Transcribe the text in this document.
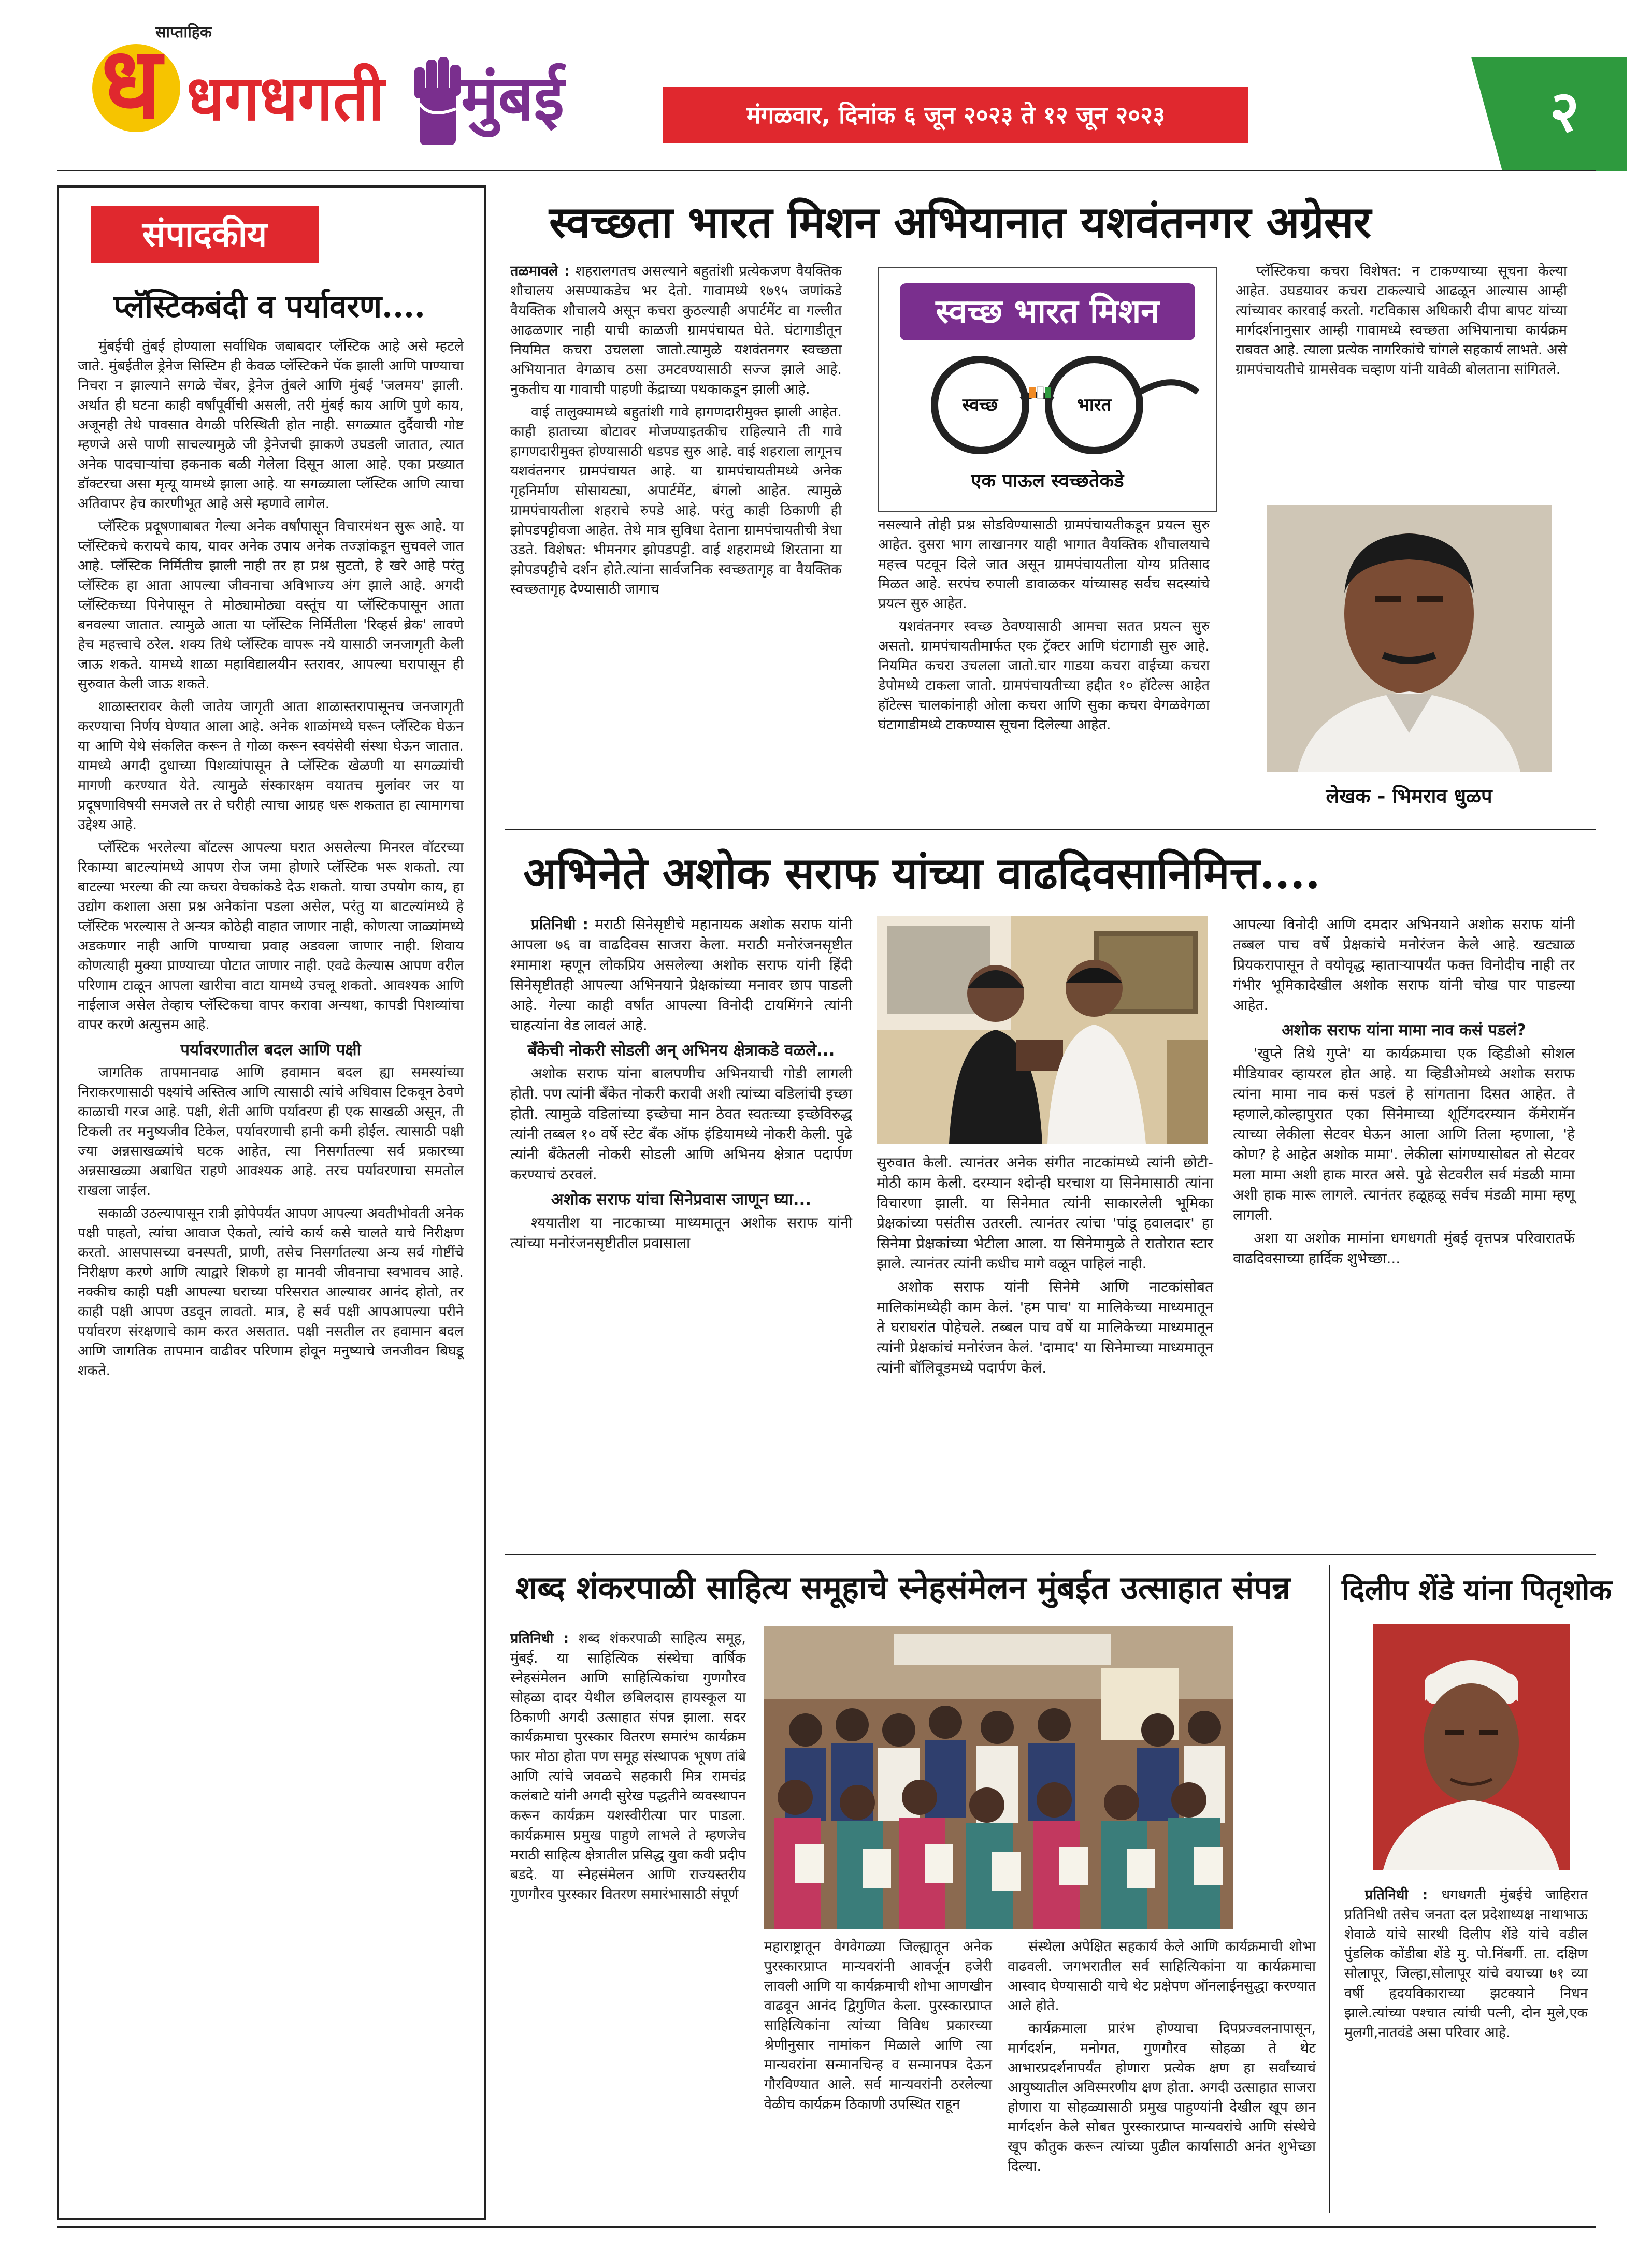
साप्ताहिक
ध धगधगती मुंबई	मंगळवार, दिनांक ६ जून २०२३ ते १२ जून २०२३	२
संपादकीय
प्लॅस्टिकबंदी व पर्यावरण....

मुंबईची तुंबई होण्याला सर्वाधिक जबाबदार प्लॅस्टिक आहे असे म्हटले जाते. मुंबईतील ड्रेनेज सिस्टिम ही केवळ प्लॅस्टिकने पॅक झाली आणि पाण्याचा निचरा न झाल्याने सगळे चेंबर, ड्रेनेज तुंबले आणि मुंबई 'जलमय' झाली. अर्थात ही घटना काही वर्षांपूर्वीची असली, तरी मुंबई काय आणि पुणे काय, अजूनही तेथे पावसात वेगळी परिस्थिती होत नाही. सगळ्यात दुर्दैवाची गोष्ट म्हणजे असे पाणी साचल्यामुळे जी ड्रेनेजची झाकणे उघडली जातात, त्यात अनेक पादचाऱ्यांचा हकनाक बळी गेलेला दिसून आला आहे. एका प्रख्यात डॉक्टरचा असा मृत्यू यामध्ये झाला आहे. या सगळ्याला प्लॅस्टिक आणि त्याचा अतिवापर हेच कारणीभूत आहे असे म्हणावे लागेल.

प्लॅस्टिक प्रदूषणाबाबत गेल्या अनेक वर्षांपासून विचारमंथन सुरू आहे. या प्लॅस्टिकचे करायचे काय, यावर अनेक उपाय अनेक तज्ज्ञांकडून सुचवले जात आहे. प्लॅस्टिक निर्मितीच झाली नाही तर हा प्रश्न सुटतो, हे खरे आहे परंतु प्लॅस्टिक हा आता आपल्या जीवनाचा अविभाज्य अंग झाले आहे. अगदी प्लॅस्टिकच्या पिनेपासून ते मोठ्यामोठ्या वस्तूंच या प्लॅस्टिकपासून आता बनवल्या जातात. त्यामुळे आता या प्लॅस्टिक निर्मितीला 'रिव्हर्स ब्रेक' लावणे हेच महत्त्वाचे ठरेल. शक्य तिथे प्लॅस्टिक वापरू नये यासाठी जनजागृती केली जाऊ शकते. यामध्ये शाळा महाविद्यालयीन स्तरावर, आपल्या घरापासून ही सुरुवात केली जाऊ शकते.

शाळास्तरावर केली जातेय जागृती आता शाळास्तरापासूनच जनजागृती करण्याचा निर्णय घेण्यात आला आहे. अनेक शाळांमध्ये घरून प्लॅस्टिक घेऊन या आणि येथे संकलित करून ते गोळा करून स्वयंसेवी संस्था घेऊन जातात. यामध्ये अगदी दुधाच्या पिशव्यांपासून ते प्लॅस्टिक खेळणी या सगळ्यांची मागणी करण्यात येते. त्यामुळे संस्कारक्षम वयातच मुलांवर जर या प्रदूषणाविषयी समजले तर ते घरीही त्याचा आग्रह धरू शकतात हा त्यामागचा उद्देश्य आहे.

प्लॅस्टिक भरलेल्या बॉटल्स आपल्या घरात असलेल्या मिनरल वॉटरच्या रिकाम्या बाटल्यांमध्ये आपण रोज जमा होणारे प्लॅस्टिक भरू शकतो. त्या बाटल्या भरल्या की त्या कचरा वेचकांकडे देऊ शकतो. याचा उपयोग काय, हा उद्योग कशाला असा प्रश्न अनेकांना पडला असेल, परंतु या बाटल्यांमध्ये हे प्लॅस्टिक भरल्यास ते अन्यत्र कोठेही वाहात जाणार नाही, कोणत्या जाळ्यांमध्ये अडकणार नाही आणि पाण्याचा प्रवाह अडवला जाणार नाही. शिवाय कोणत्याही मुक्या प्राण्याच्या पोटात जाणार नाही. एवढे केल्यास आपण वरील परिणाम टाळून आपला खारीचा वाटा यामध्ये उचलू शकतो. आवश्यक आणि नाईलाज असेल तेव्हाच प्लॅस्टिकचा वापर करावा अन्यथा, कापडी पिशव्यांचा वापर करणे अत्युत्तम आहे.

पर्यावरणातील बदल आणि पक्षी

जागतिक तापमानवाढ आणि हवामान बदल ह्या समस्यांच्या निराकरणासाठी पक्ष्यांचे अस्तित्व आणि त्यासाठी त्यांचे अधिवास टिकवून ठेवणे काळाची गरज आहे. पक्षी, शेती आणि पर्यावरण ही एक साखळी असून, ती टिकली तर मनुष्यजीव टिकेल, पर्यावरणाची हानी कमी होईल. त्यासाठी पक्षी ज्या अन्नसाखळ्यांचे घटक आहेत, त्या निसर्गातल्या सर्व प्रकारच्या अन्नसाखळ्या अबाधित राहणे आवश्यक आहे. तरच पर्यावरणाचा समतोल राखला जाईल.

सकाळी उठल्यापासून रात्री झोपेपर्यंत आपण आपल्या अवतीभोवती अनेक पक्षी पाहतो, त्यांचा आवाज ऐकतो, त्यांचे कार्य कसे चालते याचे निरीक्षण करतो. आसपासच्या वनस्पती, प्राणी, तसेच निसर्गातल्या अन्य सर्व गोष्टींचे निरीक्षण करणे आणि त्याद्वारे शिकणे हा मानवी जीवनाचा स्वभावच आहे. नक्कीच काही पक्षी आपल्या घराच्या परिसरात आल्यावर आनंद होतो, तर काही पक्षी आपण उडवून लावतो. मात्र, हे सर्व पक्षी आपआपल्या परीने पर्यावरण संरक्षणाचे काम करत असतात. पक्षी नसतील तर हवामान बदल आणि जागतिक तापमान वाढीवर परिणाम होवून मनुष्याचे जनजीवन बिघडू शकते.

स्वच्छता भारत मिशन अभियानात यशवंतनगर अग्रेसर

तळमावले : शहरालगतच असल्याने बहुतांशी प्रत्येकजण वैयक्तिक शौचालय असण्याकडेच भर देतो. गावामध्ये १७९५ जणांकडे वैयक्तिक शौचालये असून कचरा कुठल्याही अपार्टमेंट वा गल्लीत आढळणार नाही याची काळजी ग्रामपंचायत घेते. घंटागाडीतून नियमित कचरा उचलला जातो.त्यामुळे यशवंतनगर स्वच्छता अभियानात वेगळाच ठसा उमटवण्यासाठी सज्ज झाले आहे. नुकतीच या गावाची पाहणी केंद्राच्या पथकाकडून झाली आहे.

वाई तालुक्यामध्ये बहुतांशी गावे हागणदारीमुक्त झाली आहेत. काही हाताच्या बोटावर मोजण्याइतकीच राहिल्याने ती गावे हागणदारीमुक्त होण्यासाठी धडपड सुरु आहे. वाई शहराला लागूनच यशवंतनगर ग्रामपंचायत आहे. या ग्रामपंचायतीमध्ये अनेक गृहनिर्माण सोसायट्या, अपार्टमेंट, बंगलो आहेत. त्यामुळे ग्रामपंचायतीला शहराचे रुपडे आहे. परंतु काही ठिकाणी ही झोपडपट्टीवजा आहेत. तेथे मात्र सुविधा देताना ग्रामपंचायतीची त्रेधा उडते. विशेषत: भीमनगर झोपडपट्टी. वाई शहरामध्ये शिरताना या झोपडपट्टीचे दर्शन होते.त्यांना सार्वजनिक स्वच्छतागृह वा वैयक्तिक स्वच्छतागृह देण्यासाठी जागाच

स्वच्छ भारत मिशन
स्वच्छ	भारत
एक पाऊल स्वच्छतेकडे

नसल्याने तोही प्रश्न सोडविण्यासाठी ग्रामपंचायतीकडून प्रयत्न सुरु आहेत. दुसरा भाग लाखानगर याही भागात वैयक्तिक शौचालयाचे महत्त्व पटवून दिले जात असून ग्रामपंचायतीला योग्य प्रतिसाद मिळत आहे. सरपंच रुपाली डावाळकर यांच्यासह सर्वच सदस्यांचे प्रयत्न सुरु आहेत.

यशवंतनगर स्वच्छ ठेवण्यासाठी आमचा सतत प्रयत्न सुरु असतो. ग्रामपंचायतीमार्फत एक ट्रॅक्टर आणि घंटागाडी सुरु आहे. नियमित कचरा उचलला जातो.चार गाडया कचरा वाईच्या कचरा डेपोमध्ये टाकला जातो. ग्रामपंचायतीच्या हद्दीत १० हॉटेल्स आहेत हॉटेल्स चालकांनाही ओला कचरा आणि सुका कचरा वेगळवेगळा घंटागाडीमध्ये टाकण्यास सूचना दिलेल्या आहेत.

प्लॅस्टिकचा कचरा विशेषत: न टाकण्याच्या सूचना केल्या आहेत. उघडयावर कचरा टाकल्याचे आढळून आल्यास आम्ही त्यांच्यावर कारवाई करतो. गटविकास अधिकारी दीपा बापट यांच्या मार्गदर्शनानुसार आम्ही गावामध्ये स्वच्छता अभियानाचा कार्यक्रम राबवत आहे. त्याला प्रत्येक नागरिकांचे चांगले सहकार्य लाभते. असे ग्रामपंचायतीचे ग्रामसेवक चव्हाण यांनी यावेळी बोलताना सांगितले.

लेखक - भिमराव धुळप
अभिनेते अशोक सराफ यांच्या वाढदिवसानिमित्त....

प्रतिनिधी : मराठी सिनेसृष्टीचे महानायक अशोक सराफ यांनी आपला ७६ वा वाढदिवस साजरा केला. मराठी मनोरंजनसृष्टीत श्मामाश म्हणून लोकप्रिय असलेल्या अशोक सराफ यांनी हिंदी सिनेसृष्टीतही आपल्या अभिनयाने प्रेक्षकांच्या मनावर छाप पाडली आहे. गेल्या काही वर्षांत आपल्या विनोदी टायमिंगने त्यांनी चाहत्यांना वेड लावलं आहे.

बँकेची नोकरी सोडली अन् अभिनय क्षेत्राकडे वळले...

अशोक सराफ यांना बालपणीच अभिनयाची गोडी लागली होती. पण त्यांनी बँकेत नोकरी करावी अशी त्यांच्या वडिलांची इच्छा होती. त्यामुळे वडिलांच्या इच्छेचा मान ठेवत स्वतःच्या इच्छेविरुद्ध त्यांनी तब्बल १० वर्षे स्टेट बँक ऑफ इंडियामध्ये नोकरी केली. पुढे त्यांनी बँकेतली नोकरी सोडली आणि अभिनय क्षेत्रात पदार्पण करण्याचं ठरवलं.

अशोक सराफ यांचा सिनेप्रवास जाणून घ्या...

श्ययातीश या नाटकाच्या माध्यमातून अशोक सराफ यांनी त्यांच्या मनोरंजनसृष्टीतील प्रवासाला

सुरुवात केली. त्यानंतर अनेक संगीत नाटकांमध्ये त्यांनी छोटी-मोठी काम केली. दरम्यान श्दोन्ही घरचाश या सिनेमासाठी त्यांना विचारणा झाली. या सिनेमात त्यांनी साकारलेली भूमिका प्रेक्षकांच्या पसंतीस उतरली. त्यानंतर त्यांचा 'पांडू हवालदार' हा सिनेमा प्रेक्षकांच्या भेटीला आला. या सिनेमामुळे ते रातोरात स्टार झाले. त्यानंतर त्यांनी कधीच मागे वळून पाहिलं नाही.

अशोक सराफ यांनी सिनेमे आणि नाटकांसोबत मालिकांमध्येही काम केलं. 'हम पाच' या मालिकेच्या माध्यमातून ते घराघरांत पोहेचले. तब्बल पाच वर्षे या मालिकेच्या माध्यमातून त्यांनी प्रेक्षकांचं मनोरंजन केलं. 'दामाद' या सिनेमाच्या माध्यमातून त्यांनी बॉलिवूडमध्ये पदार्पण केलं.

आपल्या विनोदी आणि दमदार अभिनयाने अशोक सराफ यांनी तब्बल पाच वर्षे प्रेक्षकांचे मनोरंजन केले आहे. खट्याळ प्रियकरापासून ते वयोवृद्ध म्हाताऱ्यापर्यंत फक्त विनोदीच नाही तर गंभीर भूमिकादेखील अशोक सराफ यांनी चोख पार पाडल्या आहेत.

अशोक सराफ यांना मामा नाव कसं पडलं?

'खुप्ते तिथे गुप्ते' या कार्यक्रमाचा एक व्हिडीओ सोशल मीडियावर व्हायरल होत आहे. या व्हिडीओमध्ये अशोक सराफ त्यांना मामा नाव कसं पडलं हे सांगताना दिसत आहेत. ते म्हणाले,कोल्हापुरात एका सिनेमाच्या शूटिंगदरम्यान कॅमेरामॅन त्याच्या लेकीला सेटवर घेऊन आला आणि तिला म्हणाला, 'हे कोण? हे आहेत अशोक मामा'. लेकीला सांगण्यासोबत तो सेटवर मला मामा अशी हाक मारत असे. पुढे सेटवरील सर्व मंडळी मामा अशी हाक मारू लागले. त्यानंतर हळूहळू सर्वच मंडळी मामा म्हणू लागली.

अशा या अशोक मामांना धगधगती मुंबई वृत्तपत्र परिवारातर्फे वाढदिवसाच्या हार्दिक शुभेच्छा...

शब्द शंकरपाळी साहित्य समूहाचे स्नेहसंमेलन मुंबईत उत्साहात संपन्न

प्रतिनिधी : शब्द शंकरपाळी साहित्य समूह, मुंबई. या साहित्यिक संस्थेचा वार्षिक स्नेहसंमेलन आणि साहित्यिकांचा गुणगौरव सोहळा दादर येथील छबिलदास हायस्कूल या ठिकाणी अगदी उत्साहात संपन्न झाला. सदर कार्यक्रमाचा पुरस्कार वितरण समारंभ कार्यक्रम फार मोठा होता पण समूह संस्थापक भूषण तांबे आणि त्यांचे जवळचे सहकारी मित्र रामचंद्र कलंबाटे यांनी अगदी सुरेख पद्धतीने व्यवस्थापन करून कार्यक्रम यशस्वीरीत्या पार पाडला. कार्यक्रमास प्रमुख पाहुणे लाभले ते म्हणजेच मराठी साहित्य क्षेत्रातील प्रसिद्ध युवा कवी प्रदीप बडदे. या स्नेहसंमेलन आणि राज्यस्तरीय गुणगौरव पुरस्कार वितरण समारंभासाठी संपूर्ण

महाराष्ट्रातून वेगवेगळ्या जिल्ह्यातून अनेक पुरस्कारप्राप्त मान्यवरांनी आवर्जून हजेरी लावली आणि या कार्यक्रमाची शोभा आणखीन वाढवून आनंद द्विगुणित केला. पुरस्कारप्राप्त साहित्यिकांना त्यांच्या विविध प्रकारच्या श्रेणीनुसार नामांकन मिळाले आणि त्या मान्यवरांना सन्मानचिन्ह व सन्मानपत्र देऊन गौरविण्यात आले. सर्व मान्यवरांनी ठरलेल्या वेळीच कार्यक्रम ठिकाणी उपस्थित राहून

दिलीप शेंडे यांना पितृशोक

प्रतिनिधी : धगधगती मुंबईचे जाहिरात प्रतिनिधी तसेच जनता दल प्रदेशाध्यक्ष नाथाभाऊ शेवाळे यांचे सारथी दिलीप शेंडे यांचे वडील पुंडलिक कोंडीबा शेंडे मु. पो.निंबर्गी. ता. दक्षिण सोलापूर, जिल्हा,सोलापूर यांचे वयाच्या ७१ व्या वर्षी हृदयविकाराच्या झटक्याने निधन झाले.त्यांच्या पश्चात त्यांची पत्नी, दोन मुले,एक मुलगी,नातवंडे असा परिवार आहे.

संस्थेला अपेक्षित सहकार्य केले आणि कार्यक्रमाची शोभा वाढवली. जगभरातील सर्व साहित्यिकांना या कार्यक्रमाचा आस्वाद घेण्यासाठी याचे थेट प्रक्षेपण ऑनलाईनसुद्धा करण्यात आले होते.

कार्यक्रमाला प्रारंभ होण्याचा दिपप्रज्वलनापासून, मार्गदर्शन, मनोगत, गुणगौरव सोहळा ते थेट आभारप्रदर्शनापर्यंत होणारा प्रत्येक क्षण हा सर्वांच्याचं आयुष्यातील अविस्मरणीय क्षण होता. अगदी उत्साहात साजरा होणारा या सोहळ्यासाठी प्रमुख पाहुण्यांनी देखील खूप छान मार्गदर्शन केले सोबत पुरस्कारप्राप्त मान्यवरांचे आणि संस्थेचे खूप कौतुक करून त्यांच्या पुढील कार्यासाठी अनंत शुभेच्छा दिल्या.
